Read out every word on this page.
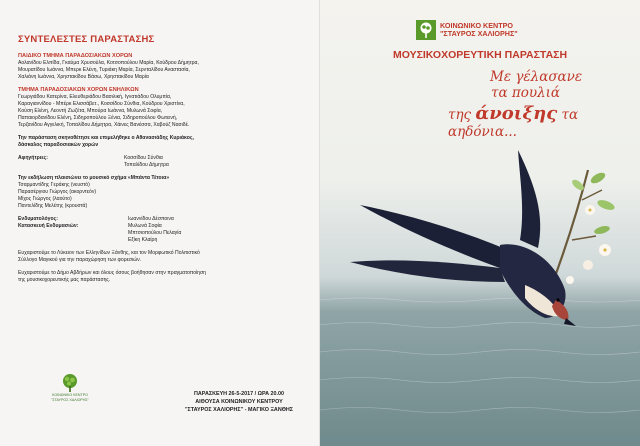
ΣΥΝΤΕΛΕΣΤΕΣ ΠΑΡΑΣΤΑΣΗΣ

ΠΑΙΔΙΚΟ ΤΜΗΜΑ ΠΑΡΑΔΟΣΙΑΚΩΝ ΧΟΡΩΝ

Αολανίδου Ελπίδα, Γκαύμα Χρυσούλα, Κοτσοπούλου Μαρία, Κούδρου Δήμητρα,

Μουρατίδου Ιωάννα, Μπερκ Ελένη, Τυριάκη Μαρία, Σερνταλίδου Αναστασία,

Χαλιάνη Ιωάννα, Χρηστακίδου Βάσω, Χρηστακίδου Μαρία

ΤΜΗΜΑ ΠΑΡΑΔΟΣΙΑΚΩΝ ΧΟΡΩΝ ΕΝΗΛΙΚΩΝ

Γεωργιάδου Κατερίνα, Ελευθεριάδου Βασιλική, Ιγνατιάδου Ολυμπία,

Καραγιαννίδου - Μπέρκ Ελισσάβετ., Κοσσίδου Σύνθια, Κούδρου Χριστίνα,

Κούση Ελένη, Λεοντή Ζωζέτα, Μπούρα Ιωάννα, Μυλωνά Σοφία,

Παπαιορδανίδου Ελένη, Σιδηροπούλου Ξένια, Σιδηροπούλου Φωτεινή,

Τερζανίδου Αγγελική, Τοπαλίδου Δήμητρα, Χάινες Βανέσσα, Χαβούζ Νασιδέ.

Την παράσταση σκηνοθέτησε και επιμελήθηκε ο Αθανασιάδης Κυριάκος,

δάσκαλος παραδοσιακών χορών

Αφηγήτριες:	Κοσσίδου Σύνθια
Τοπαλίδου Δήμητρα

Την εκδήλωση πλαισιώνει το μουσικό σχήμα «Μπάντα Τέτοια»

Τσαρμαντίδης Γεράκης (νευστό)

Παρασέργιου Γιώργος (ακορντεόν)

Μίχος Γιώργος (λαούτο)

Παντελίδης Μελέτης (κρουστά)

Ενδυματολόγος:	Ιωαννίδου Δέσποινα
Κατασκευή Ενδυμασιών:	Μυλωνά Σοφία
Μπτσιοπούλου Πελαγία
Εξίκη Κλαίρη

Ευχαριστούμε το Λύκειον των Ελληνίδων Ξάνθης, και τον Μορφωτικό Πολιτιστικό

Σύλλογο Μαγικού για την παραχώρηση των φορεσιών.

Ευχαριστούμε το Δήμο Αβδήρων και όλους όσους βοήθησαν στην πραγματοποίηση

της μουσικοχορευτικής μας παράστασης.

ΚΟΙΝΩΝΙΚΟ ΚΕΝΤΡΟ
"ΣΤΑΥΡΟΣ ΧΑΛΙΟΡΗΣ"
ΠΑΡΑΣΚΕΥΗ 26-5-2017 / ΩΡΑ 20.00
ΑΙΘΟΥΣΑ ΚΟΙΝΩΝΙΚΟΥ ΚΕΝΤΡΟΥ
"ΣΤΑΥΡΟΣ ΧΑΛΙΟΡΗΣ" - ΜΑΓΙΚΟ ΞΑΝΘΗΣ
ΚΟΙΝΩΝΙΚΟ ΚΕΝΤΡΟ
"ΣΤΑΥΡΟΣ ΧΑΛΙΟΡΗΣ"
ΜΟΥΣΙΚΟΧΟΡΕΥΤΙΚΗ ΠΑΡΑΣΤΑΣΗ
Με γέλασανε
τα πουλιά
της άνοιξης τα αηδόνια...
